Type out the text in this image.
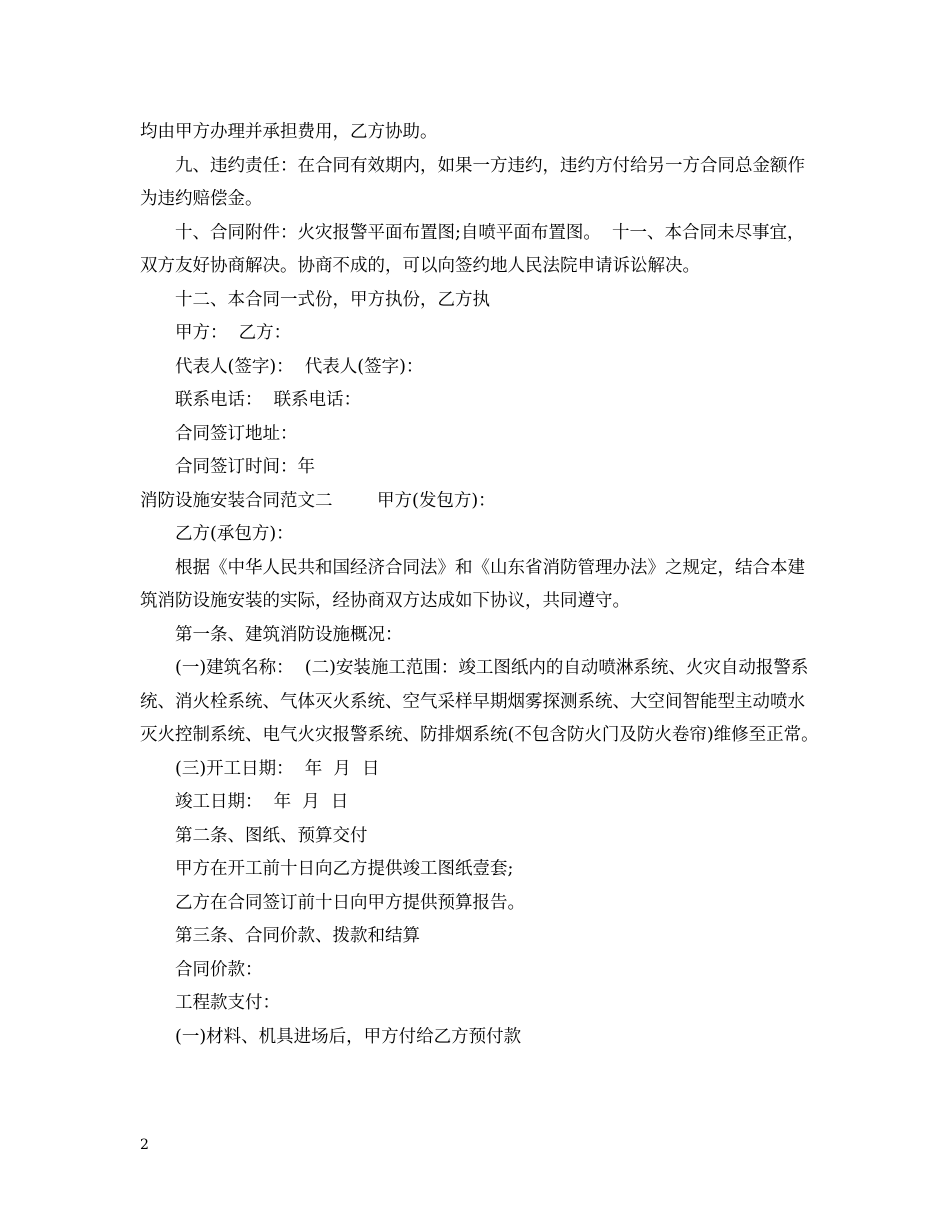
均由甲方办理并承担费用，乙方协助。

九、违约责任：在合同有效期内，如果一方违约，违约方付给另一方合同总金额作为违约赔偿金。

十、合同附件：火灾报警平面布置图;自喷平面布置图。  十一、本合同未尽事宜，双方友好协商解决。协商不成的，可以向签约地人民法院申请诉讼解决。

十二、本合同一式份，甲方执份，乙方执

甲方：  乙方：

代表人(签字)：  代表人(签字)：

联系电话：  联系电话：

合同签订地址：

合同签订时间：年

消防设施安装合同范文二        甲方(发包方)：

乙方(承包方)：

根据《中华人民共和国经济合同法》和《山东省消防管理办法》之规定，结合本建筑消防设施安装的实际，经协商双方达成如下协议，共同遵守。

第一条、建筑消防设施概况：

(一)建筑名称：  (二)安装施工范围：竣工图纸内的自动喷淋系统、火灾自动报警系统、消火栓系统、气体灭火系统、空气采样早期烟雾探测系统、大空间智能型主动喷水灭火控制系统、电气火灾报警系统、防排烟系统(不包含防火门及防火卷帘)维修至正常。

(三)开工日期：  年  月  日

竣工日期：  年  月  日

第二条、图纸、预算交付

甲方在开工前十日向乙方提供竣工图纸壹套;

乙方在合同签订前十日向甲方提供预算报告。

第三条、合同价款、拨款和结算

合同价款：

工程款支付：

(一)材料、机具进场后，甲方付给乙方预付款

2
